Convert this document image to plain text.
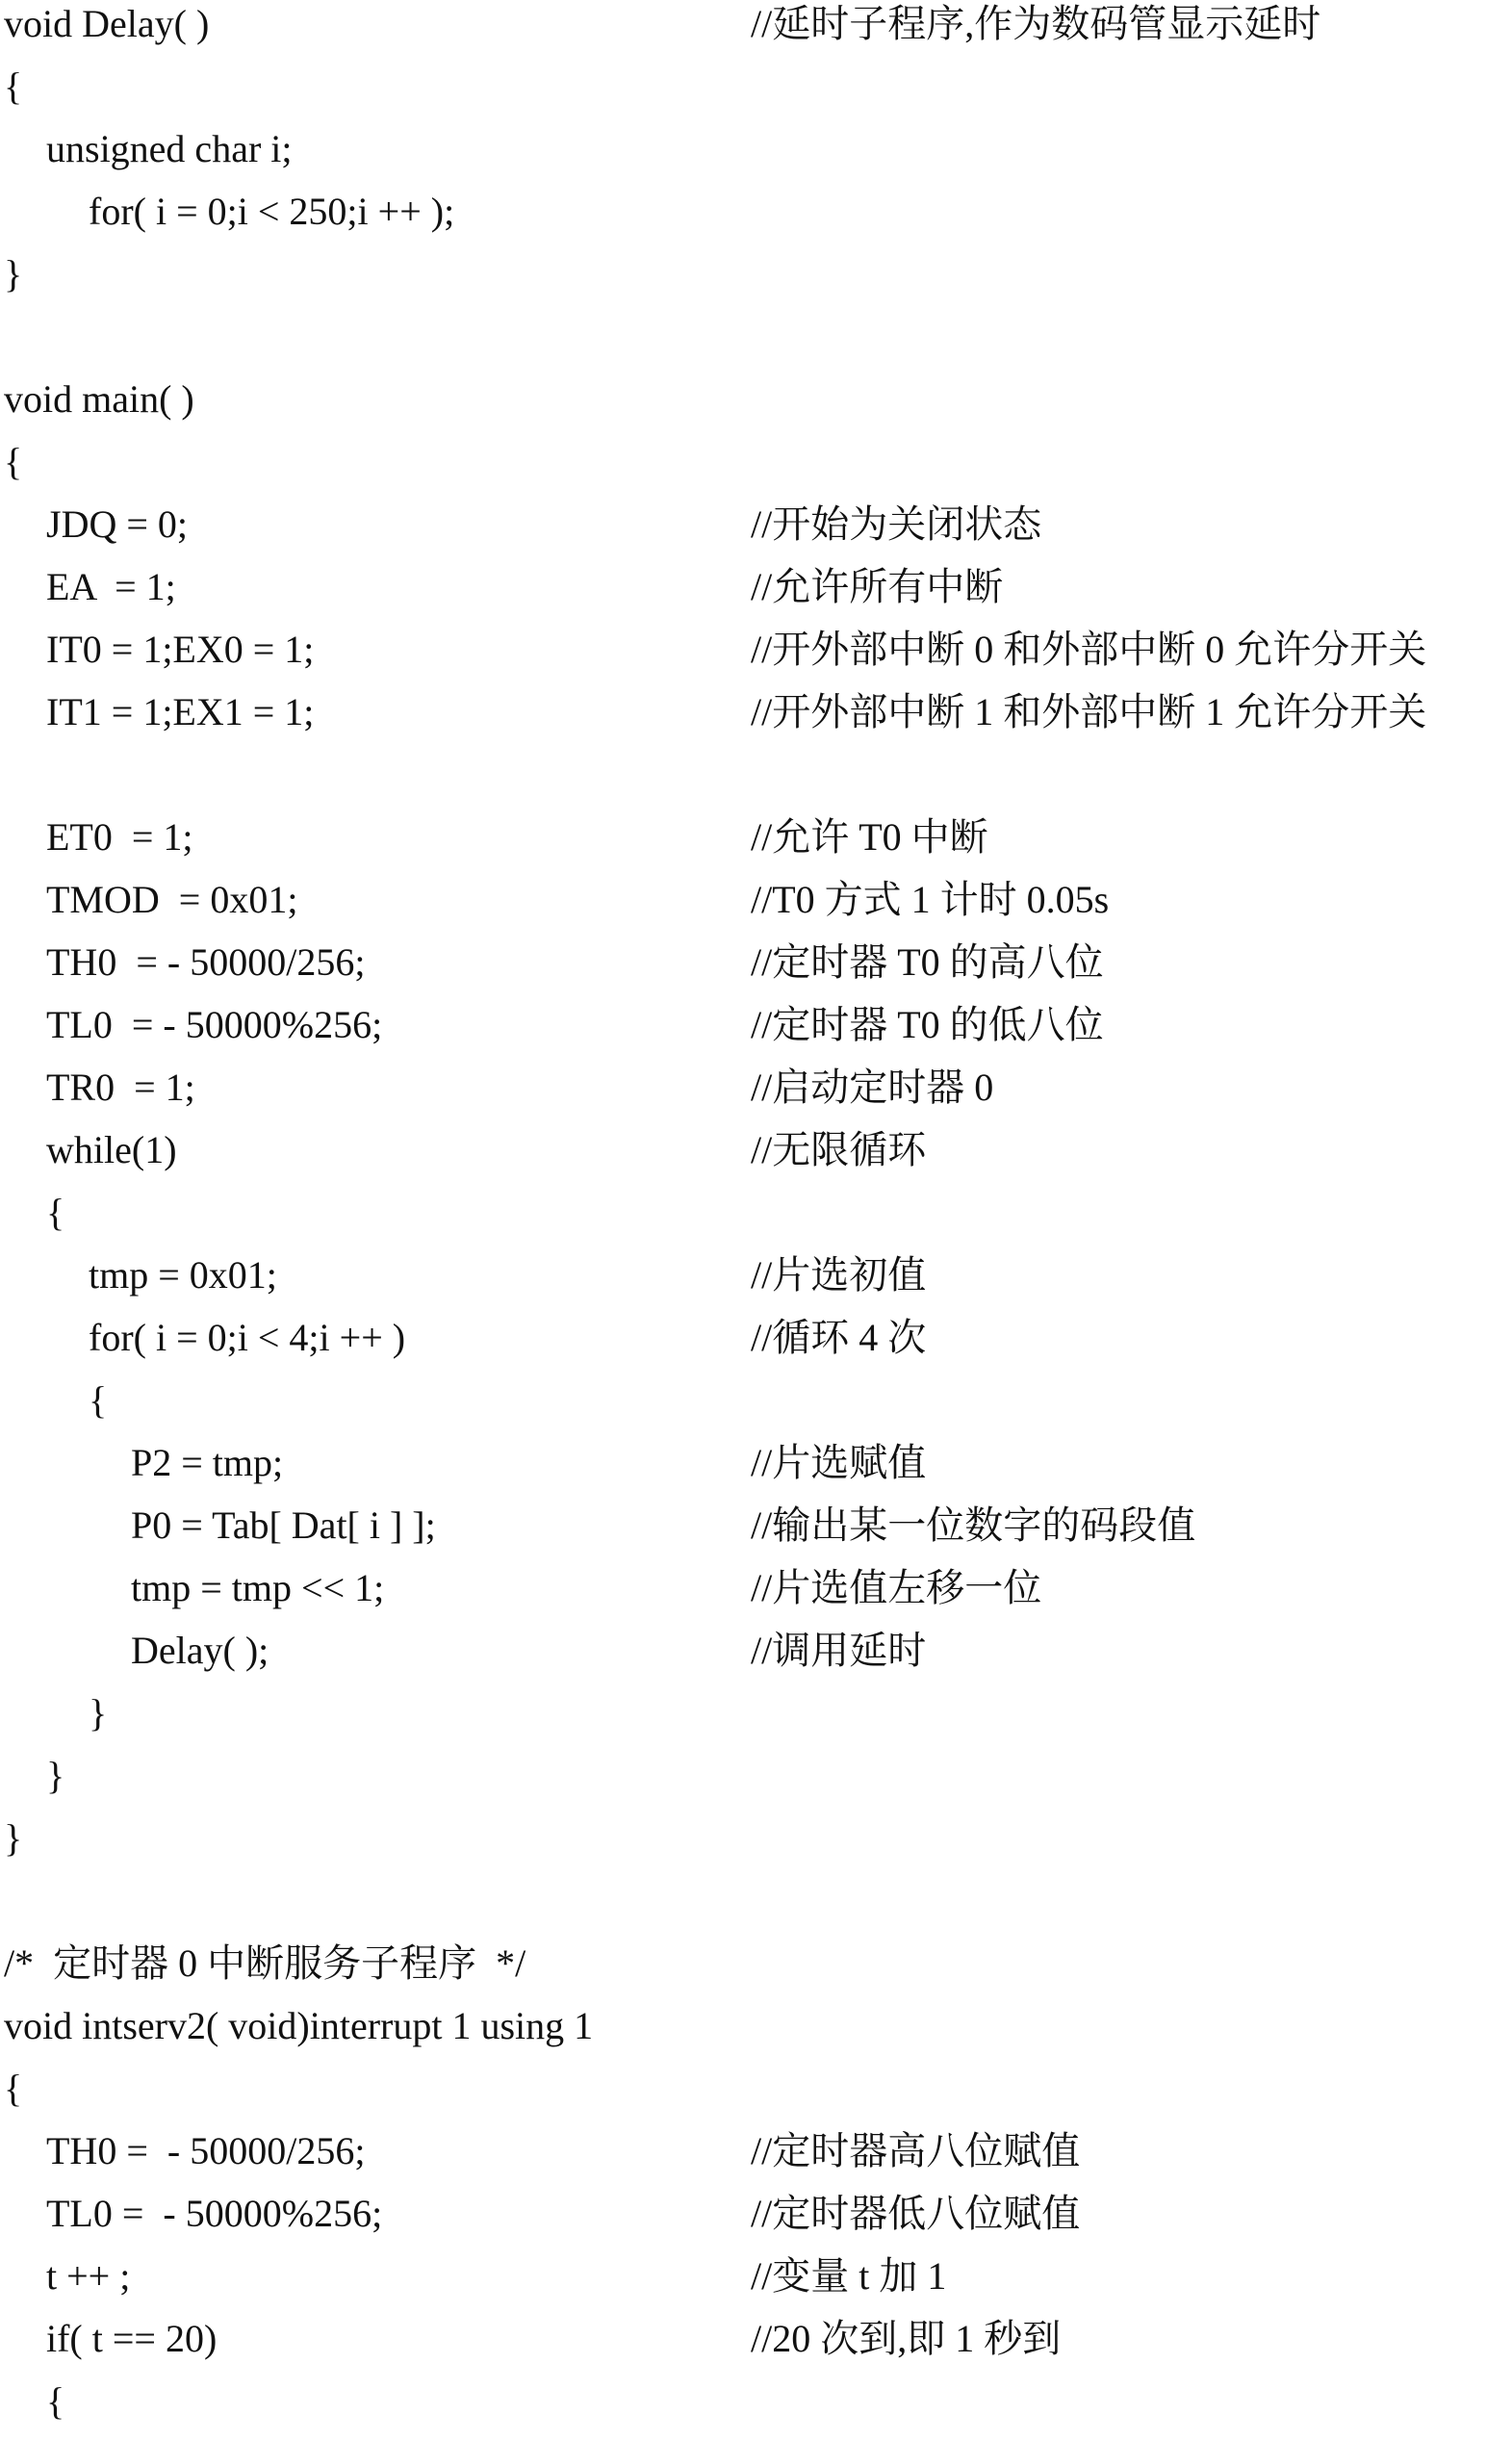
void Delay( )	//延时子程序,作为数码管显示延时
{
unsigned char i;
for( i = 0;i < 250;i ++ );
}
void main( )
{
JDQ = 0;	//开始为关闭状态
EA  = 1;	//允许所有中断
IT0 = 1;EX0 = 1;	//开外部中断 0 和外部中断 0 允许分开关
IT1 = 1;EX1 = 1;	//开外部中断 1 和外部中断 1 允许分开关
ET0  = 1;	//允许 T0 中断
TMOD  = 0x01;	//T0 方式 1 计时 0.05s
TH0  = - 50000/256;	//定时器 T0 的高八位
TL0  = - 50000%256;	//定时器 T0 的低八位
TR0  = 1;	//启动定时器 0
while(1)	//无限循环
{
tmp = 0x01;	//片选初值
for( i = 0;i < 4;i ++ )	//循环 4 次
{
P2 = tmp;	//片选赋值
P0 = Tab[ Dat[ i ] ];	//输出某一位数字的码段值
tmp = tmp << 1;	//片选值左移一位
Delay( );	//调用延时
}
}
}
/*  定时器 0 中断服务子程序  */
void intserv2( void)interrupt 1 using 1
{
TH0 =  - 50000/256;	//定时器高八位赋值
TL0 =  - 50000%256;	//定时器低八位赋值
t ++ ;	//变量 t 加 1
if( t == 20)	//20 次到,即 1 秒到
{
